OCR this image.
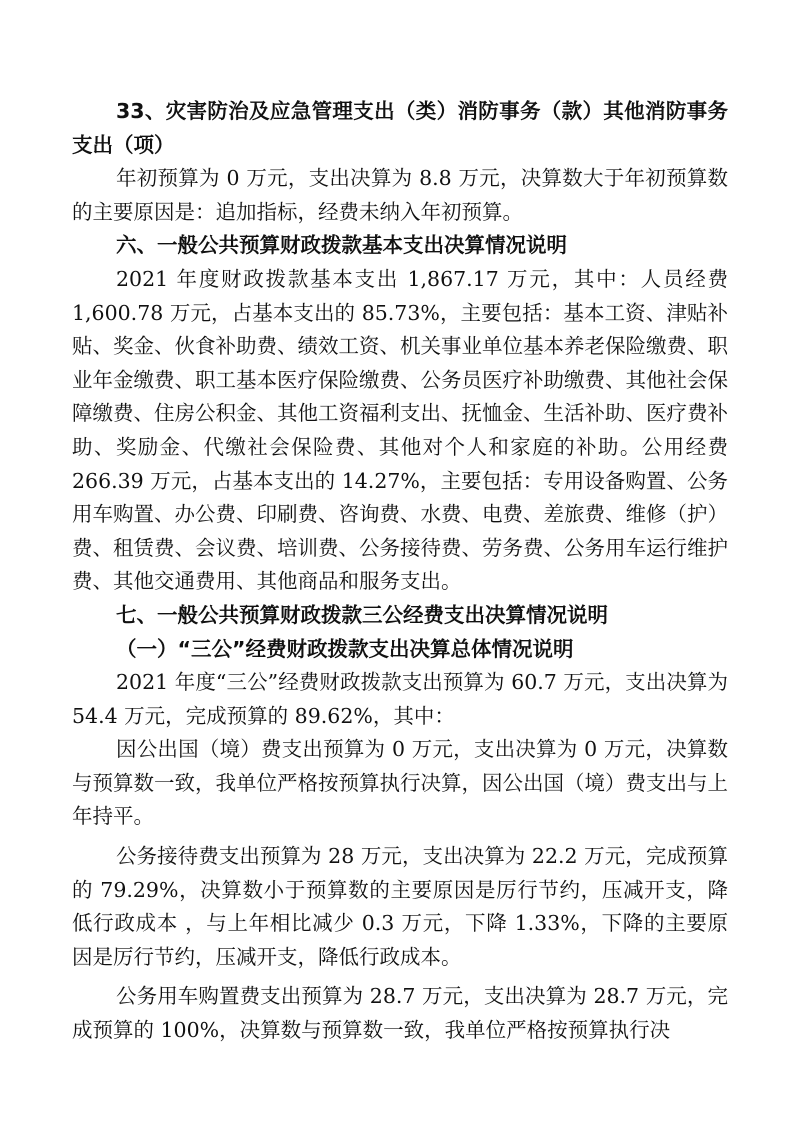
33、灾害防治及应急管理支出（类）消防事务（款）其他消防事务支出（项）

年初预算为 0 万元，支出决算为 8.8 万元，决算数大于年初预算数的主要原因是：追加指标，经费未纳入年初预算。

六、一般公共预算财政拨款基本支出决算情况说明

2021 年度财政拨款基本支出 1,867.17 万元，其中：人员经费 1,600.78 万元，占基本支出的 85.73%，主要包括：基本工资、津贴补贴、奖金、伙食补助费、绩效工资、机关事业单位基本养老保险缴费、职业年金缴费、职工基本医疗保险缴费、公务员医疗补助缴费、其他社会保障缴费、住房公积金、其他工资福利支出、抚恤金、生活补助、医疗费补助、奖励金、代缴社会保险费、其他对个人和家庭的补助。公用经费 266.39 万元，占基本支出的 14.27%，主要包括：专用设备购置、公务用车购置、办公费、印刷费、咨询费、水费、电费、差旅费、维修（护）费、租赁费、会议费、培训费、公务接待费、劳务费、公务用车运行维护费、其他交通费用、其他商品和服务支出。

七、一般公共预算财政拨款三公经费支出决算情况说明

（一）“三公”经费财政拨款支出决算总体情况说明

2021 年度“三公”经费财政拨款支出预算为 60.7 万元，支出决算为 54.4 万元，完成预算的 89.62%，其中：

因公出国（境）费支出预算为 0 万元，支出决算为 0 万元，决算数与预算数一致，我单位严格按预算执行决算，因公出国（境）费支出与上年持平。

公务接待费支出预算为 28 万元，支出决算为 22.2 万元，完成预算的 79.29%，决算数小于预算数的主要原因是厉行节约，压减开支，降低行政成本 ，与上年相比减少 0.3 万元，下降 1.33%，下降的主要原因是厉行节约，压减开支，降低行政成本。

公务用车购置费支出预算为 28.7 万元，支出决算为 28.7 万元，完成预算的 100%，决算数与预算数一致，我单位严格按预算执行决
